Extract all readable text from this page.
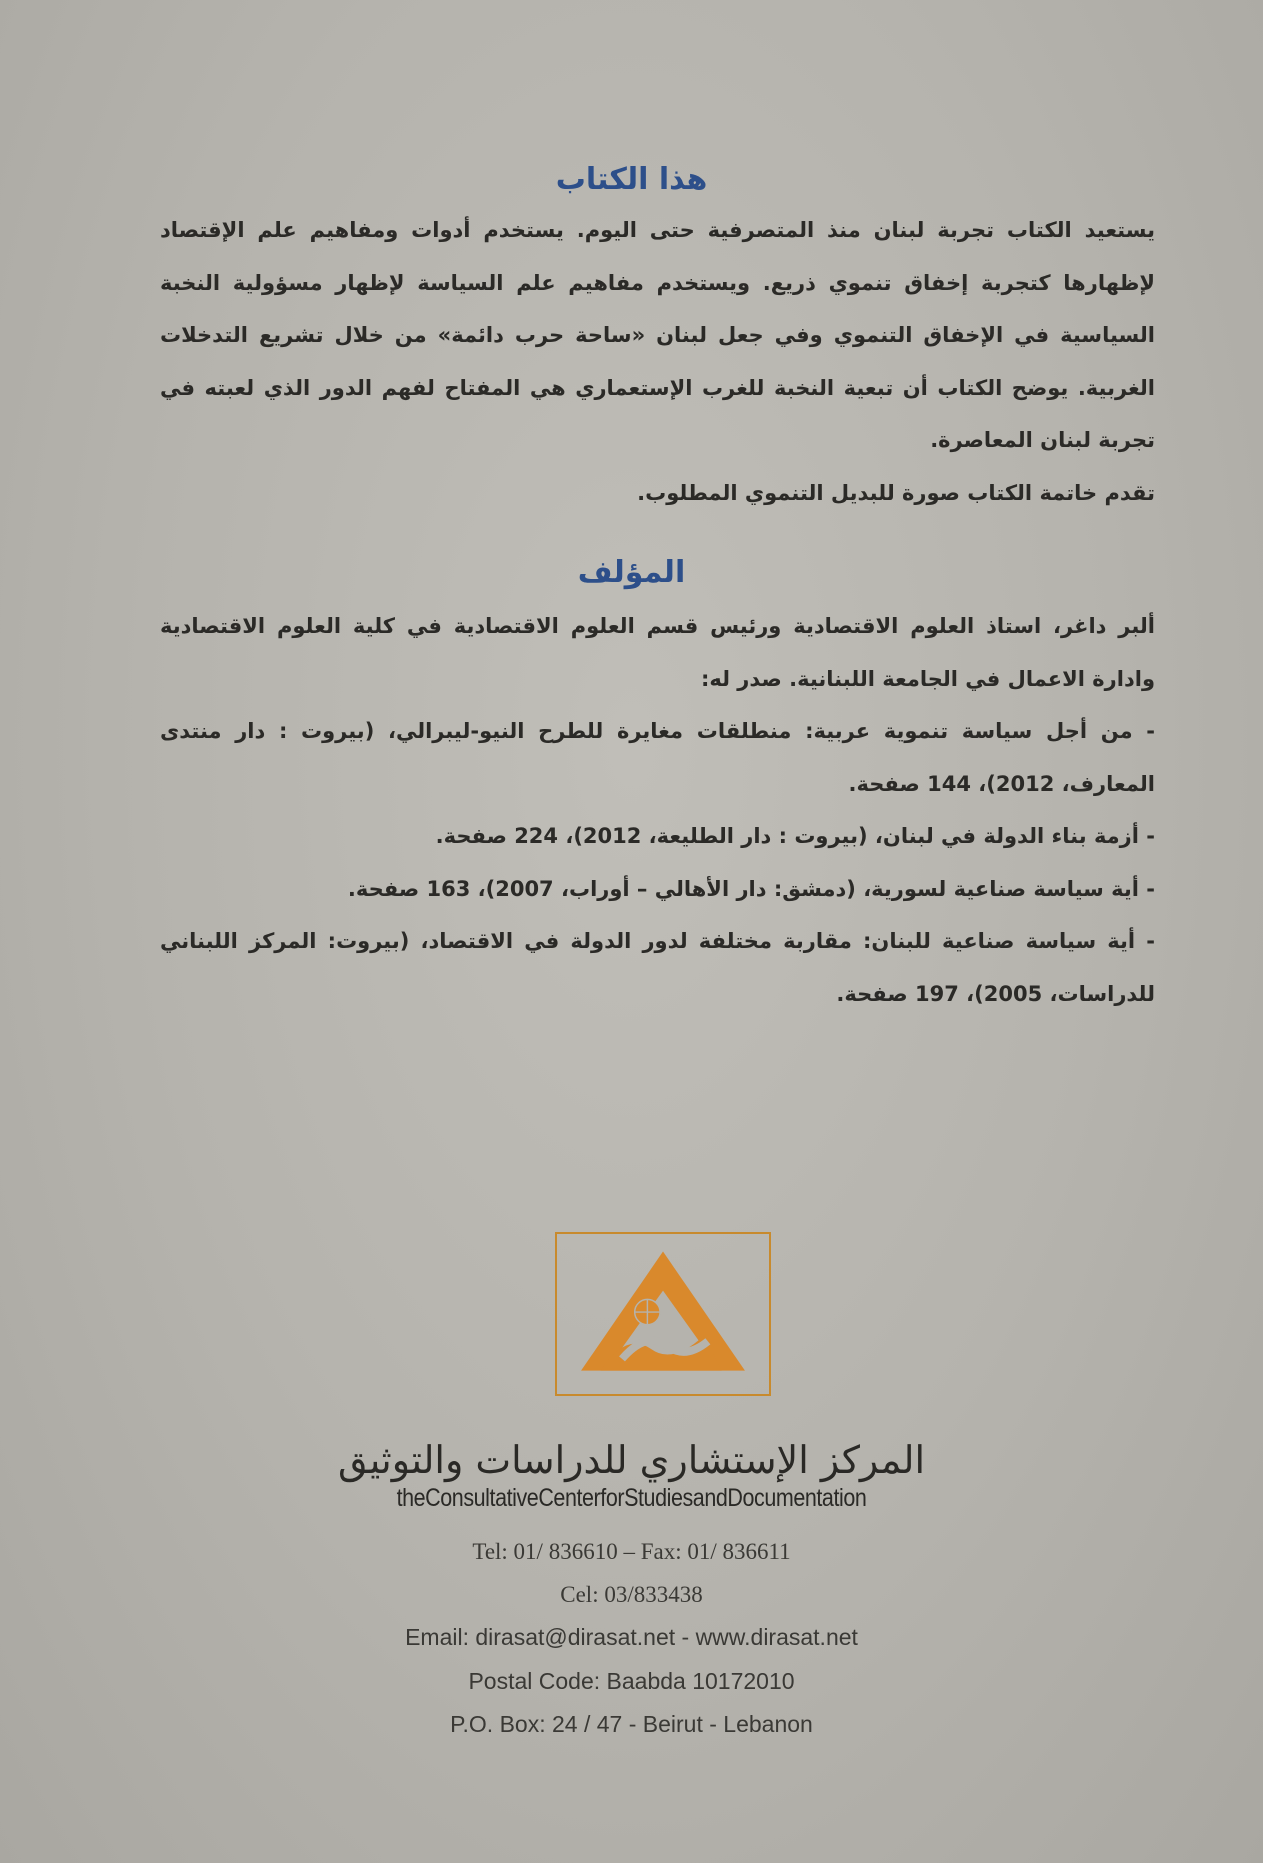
هذا الكتاب

يستعيد الكتاب تجربة لبنان منذ المتصرفية حتى اليوم. يستخدم أدوات ومفاهيم علم الإقتصاد لإظهارها كتجربة إخفاق تنموي ذريع. ويستخدم مفاهيم علم السياسة لإظهار مسؤولية النخبة السياسية في الإخفاق التنموي وفي جعل لبنان «ساحة حرب دائمة» من خلال تشريع التدخلات الغربية. يوضح الكتاب أن تبعية النخبة للغرب الإستعماري هي المفتاح لفهم الدور الذي لعبته في تجربة لبنان المعاصرة.

تقدم خاتمة الكتاب صورة للبديل التنموي المطلوب.

المؤلف

ألبر داغر، استاذ العلوم الاقتصادية ورئيس قسم العلوم الاقتصادية في كلية العلوم الاقتصادية وادارة الاعمال في الجامعة اللبنانية. صدر له:

- من أجل سياسة تنموية عربية: منطلقات مغايرة للطرح النيو-ليبرالي، (بيروت : دار منتدى المعارف، 2012)، 144 صفحة.

- أزمة بناء الدولة في لبنان، (بيروت : دار الطليعة، 2012)، 224 صفحة.

- أية سياسة صناعية لسورية، (دمشق: دار الأهالي – أوراب، 2007)، 163 صفحة.

- أية سياسة صناعية للبنان: مقاربة مختلفة لدور الدولة في الاقتصاد، (بيروت: المركز اللبناني للدراسات، 2005)، 197 صفحة.

المركز الإستشاري للدراسات والتوثيق
theConsultativeCenterforStudiesandDocumentation
Tel: 01/ 836610 – Fax: 01/ 836611
Cel: 03/833438
Email: dirasat@dirasat.net - www.dirasat.net
Postal Code: Baabda 10172010
P.O. Box: 24 / 47 - Beirut - Lebanon
